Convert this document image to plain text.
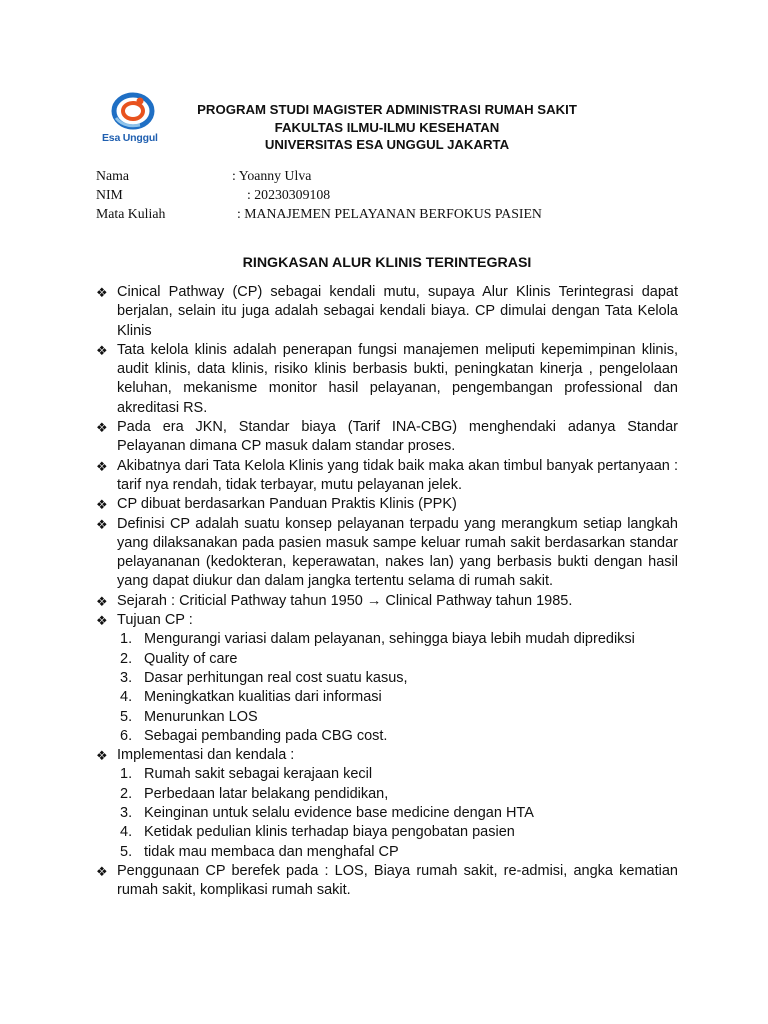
Esa Unggul
PROGRAM STUDI MAGISTER ADMINISTRASI RUMAH SAKIT
FAKULTAS ILMU-ILMU KESEHATAN
UNIVERSITAS ESA UNGGUL JAKARTA
Nama	: Yoanny Ulva
NIM	: 20230309108
Mata Kuliah	: MANAJEMEN PELAYANAN BERFOKUS PASIEN
RINGKASAN ALUR KLINIS TERINTEGRASI
❖ Cinical Pathway (CP) sebagai kendali mutu, supaya Alur Klinis Terintegrasi dapat berjalan, selain itu juga adalah sebagai kendali biaya. CP dimulai dengan Tata Kelola Klinis
❖ Tata kelola klinis adalah penerapan fungsi manajemen meliputi kepemimpinan klinis, audit klinis, data klinis, risiko klinis berbasis bukti, peningkatan kinerja , pengelolaan keluhan, mekanisme monitor hasil pelayanan, pengembangan professional dan akreditasi RS.
❖ Pada era JKN, Standar biaya (Tarif INA-CBG) menghendaki adanya Standar Pelayanan dimana CP masuk dalam standar proses.
❖ Akibatnya dari Tata Kelola Klinis yang tidak baik maka akan timbul banyak pertanyaan : tarif nya rendah, tidak terbayar, mutu pelayanan jelek.
❖ CP dibuat berdasarkan Panduan Praktis Klinis (PPK)
❖ Definisi CP adalah suatu konsep pelayanan terpadu yang merangkum setiap langkah yang dilaksanakan pada pasien masuk sampe keluar rumah sakit berdasarkan standar pelayananan (kedokteran, keperawatan, nakes lan) yang berbasis bukti dengan hasil yang dapat diukur dan dalam jangka tertentu selama di rumah sakit.
❖ Sejarah : Criticial Pathway tahun 1950 → Clinical Pathway tahun 1985.
❖ Tujuan CP :
1. Mengurangi variasi dalam pelayanan, sehingga biaya lebih mudah diprediksi
2. Quality of care
3. Dasar perhitungan real cost suatu kasus,
4. Meningkatkan kualitias dari informasi
5. Menurunkan LOS
6. Sebagai pembanding pada CBG cost.
❖ Implementasi dan kendala :
1. Rumah sakit sebagai kerajaan kecil
2. Perbedaan latar belakang pendidikan,
3. Keinginan untuk selalu evidence base medicine dengan HTA
4. Ketidak pedulian klinis terhadap biaya pengobatan pasien
5. tidak mau membaca dan menghafal CP
❖ Penggunaan CP berefek pada : LOS, Biaya rumah sakit, re-admisi, angka kematian rumah sakit, komplikasi rumah sakit.
